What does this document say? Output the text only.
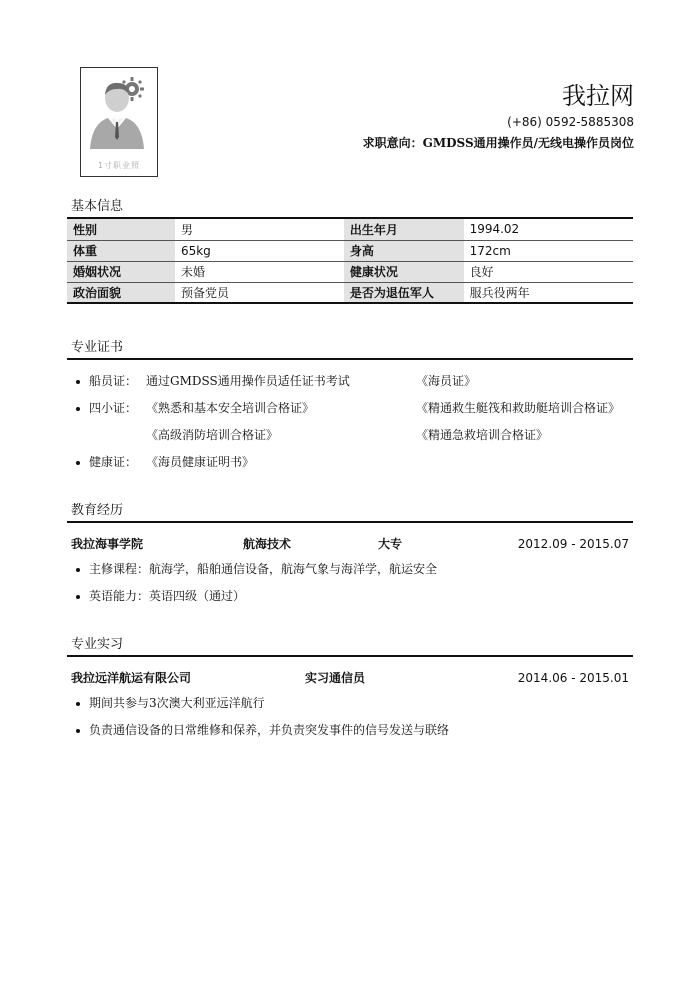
1寸职业照
我拉网
(+86) 0592-5885308
求职意向：GMDSS通用操作员/无线电操作员岗位
基本信息
性别	男	出生年月	1994.02
体重	65kg	身高	172cm
婚姻状况	未婚	健康状况	良好
政治面貌	预备党员	是否为退伍军人	服兵役两年
专业证书
船员证： 通过GMDSS通用操作员适任证书考试	《海员证》
四小证： 《熟悉和基本安全培训合格证》	《精通救生艇筏和救助艇培训合格证》
《高级消防培训合格证》	《精通急救培训合格证》
健康证： 《海员健康证明书》
教育经历
我拉海事学院	航海技术	大专	2012.09 - 2015.07
主修课程：航海学，船舶通信设备，航海气象与海洋学，航运安全
英语能力：英语四级（通过）
专业实习
我拉远洋航运有限公司	实习通信员	2014.06 - 2015.01
期间共参与3次澳大利亚远洋航行
负责通信设备的日常维修和保养，并负责突发事件的信号发送与联络
